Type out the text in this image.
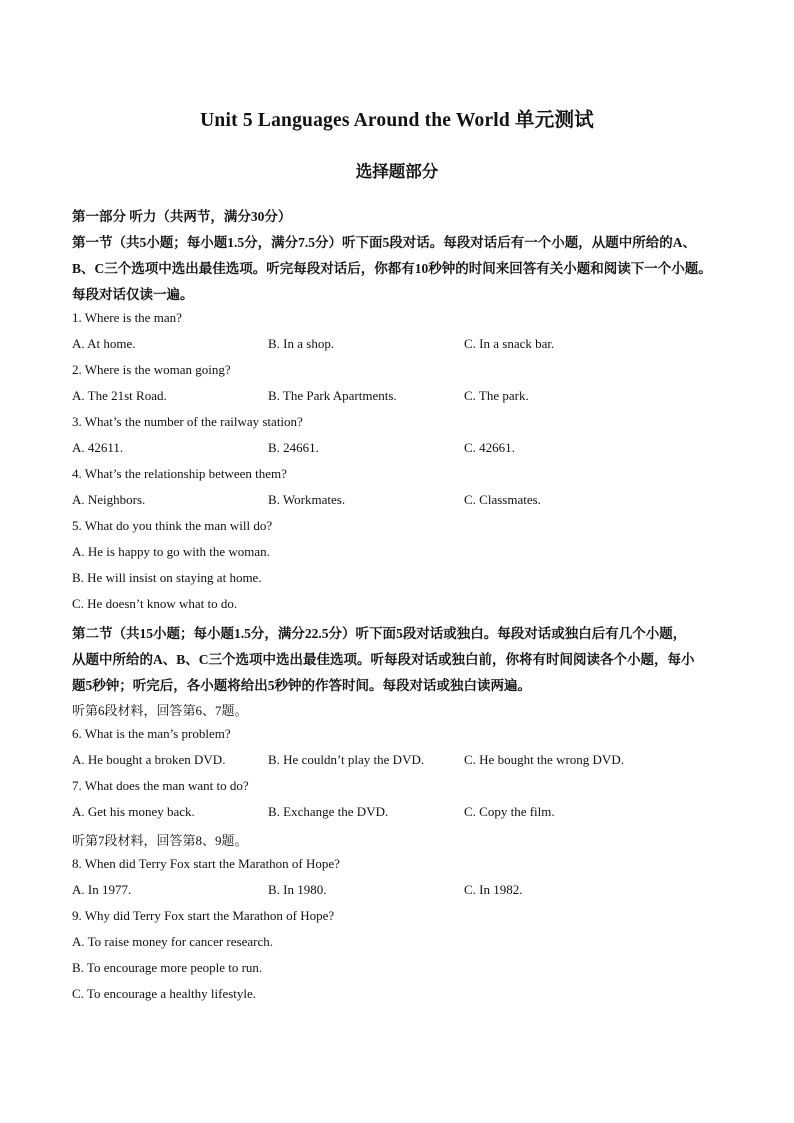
Unit 5 Languages Around the World 单元测试
选择题部分
第一部分 听力（共两节，满分30分）
第一节（共5小题；每小题1.5分，满分7.5分）听下面5段对话。每段对话后有一个小题，从题中所给的A、
B、C三个选项中选出最佳选项。听完每段对话后，你都有10秒钟的时间来回答有关小题和阅读下一个小题。
每段对话仅读一遍。
1. Where is the man?
A. At home.	B. In a shop.	C. In a snack bar.
2. Where is the woman going?
A. The 21st Road.	B. The Park Apartments.	C. The park.
3. What’s the number of the railway station?
A. 42611.	B. 24661.	C. 42661.
4. What’s the relationship between them?
A. Neighbors.	B. Workmates.	C. Classmates.
5. What do you think the man will do?
A. He is happy to go with the woman.
B. He will insist on staying at home.
C. He doesn’t know what to do.
第二节（共15小题；每小题1.5分，满分22.5分）听下面5段对话或独白。每段对话或独白后有几个小题，
从题中所给的A、B、C三个选项中选出最佳选项。听每段对话或独白前，你将有时间阅读各个小题，每小
题5秒钟；听完后，各小题将给出5秒钟的作答时间。每段对话或独白读两遍。
听第6段材料，回答第6、7题。
6. What is the man’s problem?
A. He bought a broken DVD.	B. He couldn’t play the DVD.	C. He bought the wrong DVD.
7. What does the man want to do?
A. Get his money back.	B. Exchange the DVD.	C. Copy the film.
听第7段材料，回答第8、9题。
8. When did Terry Fox start the Marathon of Hope?
A. In 1977.	B. In 1980.	C. In 1982.
9. Why did Terry Fox start the Marathon of Hope?
A. To raise money for cancer research.
B. To encourage more people to run.
C. To encourage a healthy lifestyle.
